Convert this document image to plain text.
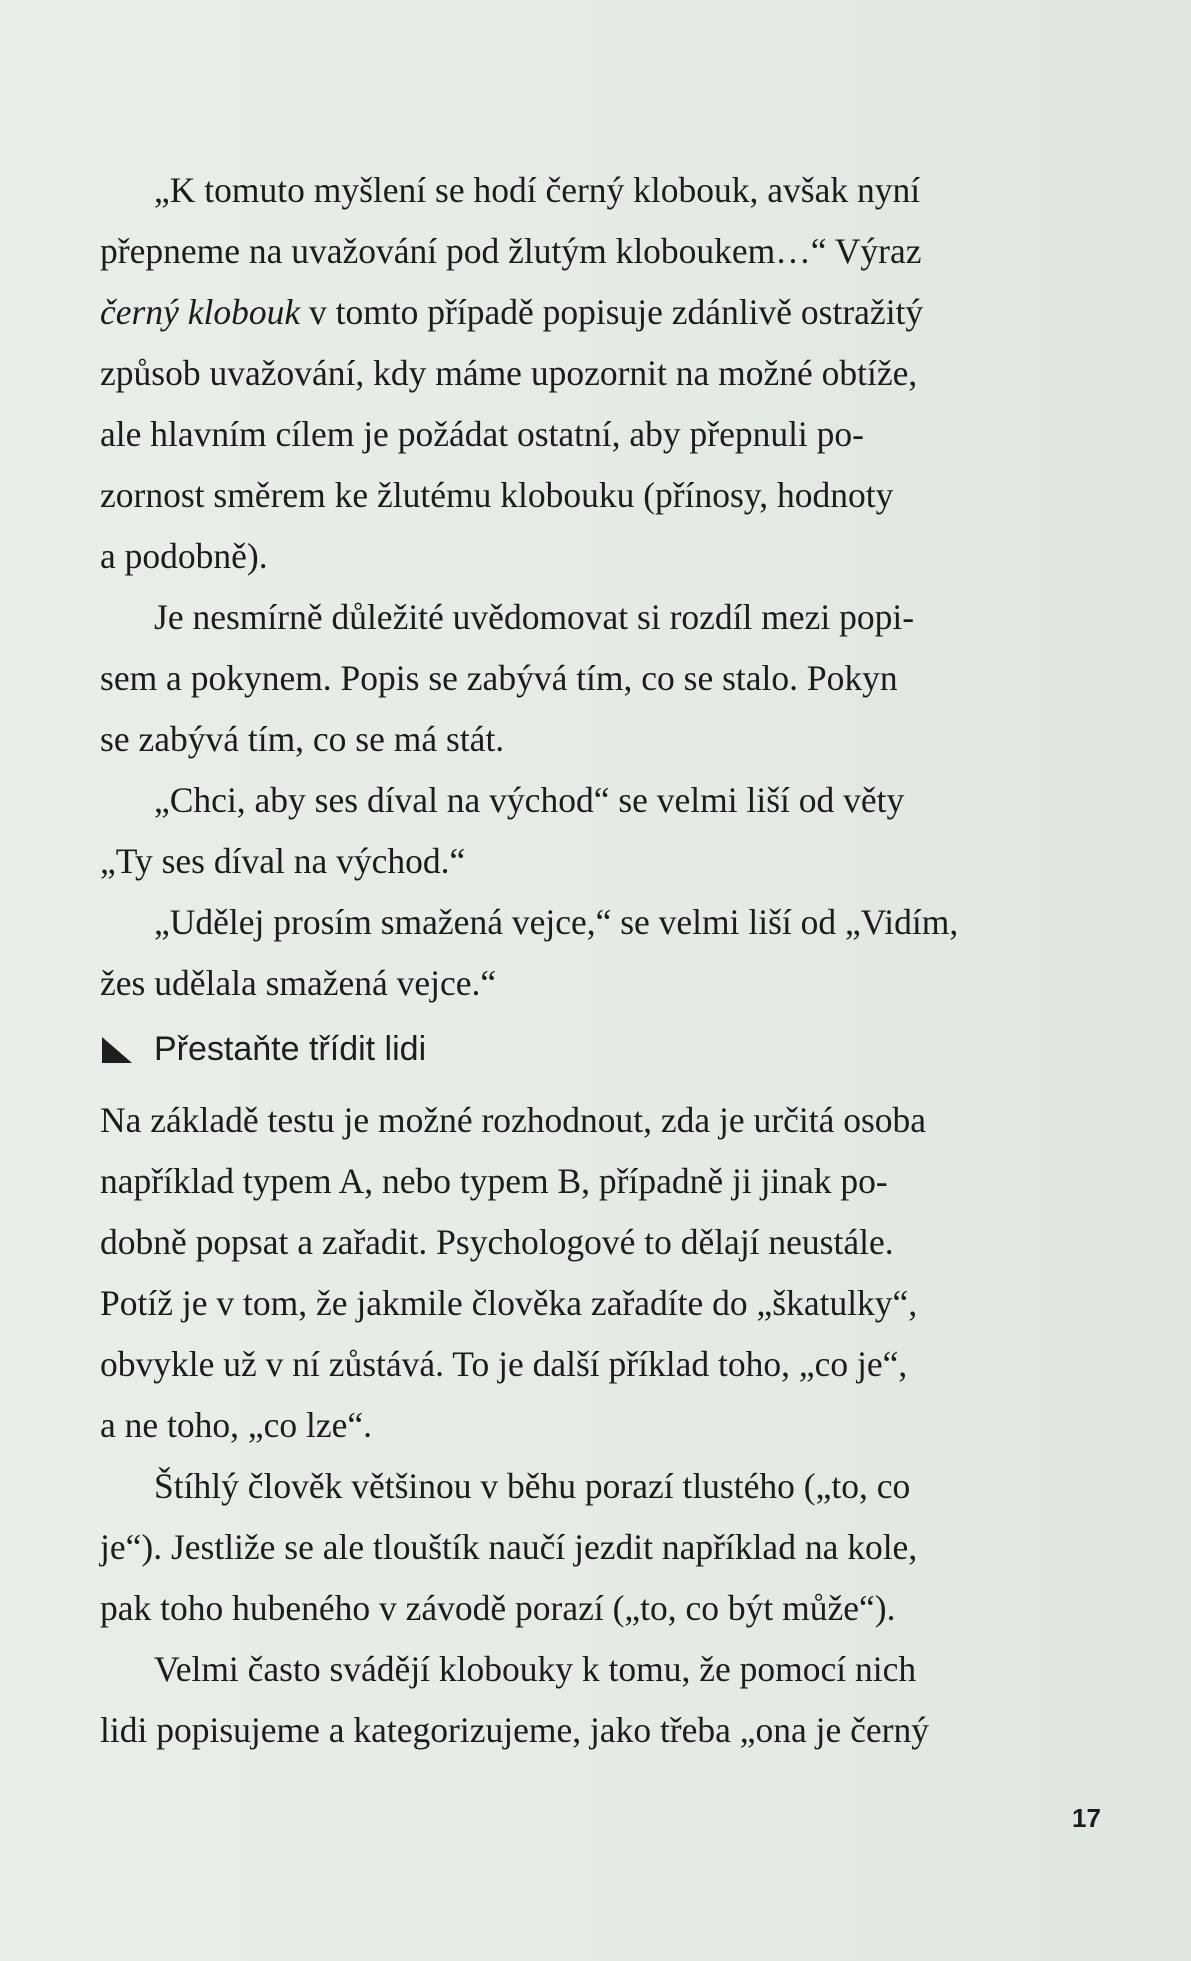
„K tomuto myšlení se hodí černý klobouk, avšak nyní

přepneme na uvažování pod žlutým kloboukem…“ Výraz
černý klobouk v tomto případě popisuje zdánlivě ostražitý
způsob uvažování, kdy máme upozornit na možné obtíže,
ale hlavním cílem je požádat ostatní, aby přepnuli po-
zornost směrem ke žlutému klobouku (přínosy, hodnoty
a podobně).

Je nesmírně důležité uvědomovat si rozdíl mezi popi-

sem a pokynem. Popis se zabývá tím, co se stalo. Pokyn
se zabývá tím, co se má stát.

„Chci, aby ses díval na východ“ se velmi liší od věty

„Ty ses díval na východ.“

„Udělej prosím smažená vejce,“ se velmi liší od „Vidím,

žes udělala smažená vejce.“

Přestaňte třídit lidi

Na základě testu je možné rozhodnout, zda je určitá osoba
například typem A, nebo typem B, případně ji jinak po-
dobně popsat a zařadit. Psychologové to dělají neustále.
Potíž je v tom, že jakmile člověka zařadíte do „škatulky“,
obvykle už v ní zůstává. To je další příklad toho, „co je“,
a ne toho, „co lze“.

Štíhlý člověk většinou v běhu porazí tlustého („to, co

je“). Jestliže se ale tlouštík naučí jezdit například na kole,
pak toho hubeného v závodě porazí („to, co být může“).

Velmi často svádějí klobouky k tomu, že pomocí nich

lidi popisujeme a kategorizujeme, jako třeba „ona je černý

17
